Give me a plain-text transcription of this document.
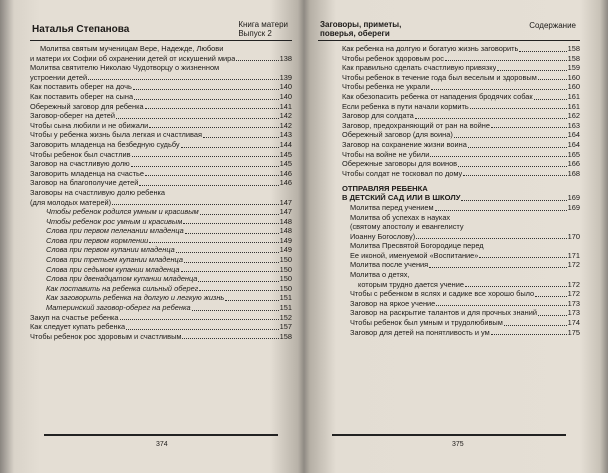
Наталья Степанова	Книга матери
Выпуск 2
Молитва святым мученицам Вере, Надежде, Любови
и матери их Софии об охранении детей от искушений мира	138
Молитва святителю Николаю Чудотворцу о жизненном
устроении детей	139
Как поставить оберег на дочь	140
Как поставить оберег на сына	140
Обережный заговор для ребенка	141
Заговор-оберег на детей	142
Чтобы сына любили и не обижали	142
Чтобы у ребенка жизнь была легкая и счастливая	143
Заговорить младенца на безбедную судьбу	144
Чтобы ребенок был счастлив	145
Заговор на счастливую долю	145
Заговорить младенца на счастье	146
Заговор на благополучие детей	146
Заговоры на счастливую долю ребенка
(для молодых матерей)	147
Чтобы ребенок родился умным и красивым	147
Чтобы ребенок рос умным и красивым	148
Слова при первом пеленании младенца	148
Слова при первом кормлении	149
Слова при первом купании младенца	149
Слова при третьем купании младенца	150
Слова при седьмом купании младенца	150
Слова при двенадцатом купании младенца	150
Как поставить на ребенка сильный оберег	150
Как заговорить ребенка на долгую и легкую жизнь	151
Материнский заговор-оберег на ребенка	151
Закуп на счастье ребенка	152
Как следует купать ребенка	157
Чтобы ребенок рос здоровым и счастливым	158
374
Заговоры, приметы,
поверья, обереги
Содержание
Как ребенка на долгую и богатую жизнь заговорить	158
Чтобы ребенок здоровым рос	158
Как правильно сделать счастливую привязку	159
Чтобы ребенок в течение года был веселым и здоровым	160
Чтобы ребенка не украли	160
Как обезопасить ребенка от нападения бродячих собак	161
Если ребенка в пути начали кормить	161
Заговор для солдата	162
Заговор, предохраняющий от ран на войне	163
Обережный заговор (для воина)	164
Заговор на сохранение жизни воина	164
Чтобы на войне не убили	165
Обережные заговоры для воинов	166
Чтобы солдат не тосковал по дому	168
ОТПРАВЛЯЯ РЕБЕНКА
В ДЕТСКИЙ САД ИЛИ В ШКОЛУ	169
Молитва перед учением	169
Молитва об успехах в науках
(святому апостолу и евангелисту
Иоанну Богослову)	170
Молитва Пресвятой Богородице перед
Ее иконой, именуемой «Воспитание»	171
Молитва после учения	172
Молитва о детях,
которым трудно дается учение	172
Чтобы с ребенком в яслях и садике все хорошо было	172
Заговор на яркое учение	173
Заговор на раскрытие талантов и для прочных знаний	173
Чтобы ребенок был умным и трудолюбивым	174
Заговор для детей на понятливость и ум	175
375
